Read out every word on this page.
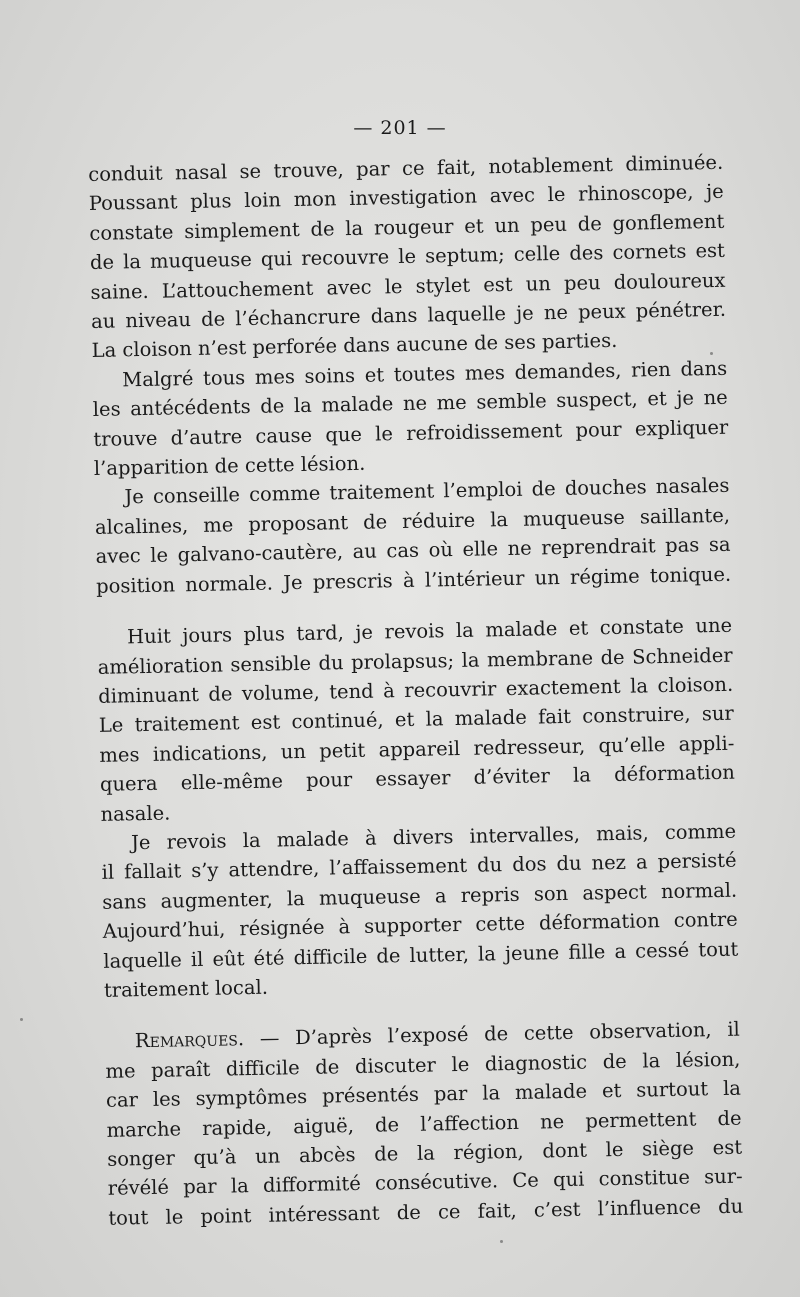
— 201 —
conduit nasal se trouve, par ce fait, notablement diminuée.
Poussant plus loin mon investigation avec le rhinoscope, je
constate simplement de la rougeur et un peu de gonflement
de la muqueuse qui recouvre le septum; celle des cornets est
saine. L’attouchement avec le stylet est un peu douloureux
au niveau de l’échancrure dans laquelle je ne peux pénétrer.
La cloison n’est perforée dans aucune de ses parties.
Malgré tous mes soins et toutes mes demandes, rien dans
les antécédents de la malade ne me semble suspect, et je ne
trouve d’autre cause que le refroidissement pour expliquer
l’apparition de cette lésion.
Je conseille comme traitement l’emploi de douches nasales
alcalines, me proposant de réduire la muqueuse saillante,
avec le galvano-cautère, au cas où elle ne reprendrait pas sa
position normale. Je prescris à l’intérieur un régime tonique.
Huit jours plus tard, je revois la malade et constate une
amélioration sensible du prolapsus; la membrane de Schneider
diminuant de volume, tend à recouvrir exactement la cloison.
Le traitement est continué, et la malade fait construire, sur
mes indications, un petit appareil redresseur, qu’elle appli-
quera elle-même pour essayer d’éviter la déformation
nasale.
Je revois la malade à divers intervalles, mais, comme
il fallait s’y attendre, l’affaissement du dos du nez a persisté
sans augmenter, la muqueuse a repris son aspect normal.
Aujourd’hui, résignée à supporter cette déformation contre
laquelle il eût été difficile de lutter, la jeune fille a cessé tout
traitement local.
Remarques. — D’après l’exposé de cette observation, il
me paraît difficile de discuter le diagnostic de la lésion,
car les symptômes présentés par la malade et surtout la
marche rapide, aiguë, de l’affection ne permettent de
songer qu’à un abcès de la région, dont le siège est
révélé par la difformité consécutive. Ce qui constitue sur-
tout le point intéressant de ce fait, c’est l’influence du
